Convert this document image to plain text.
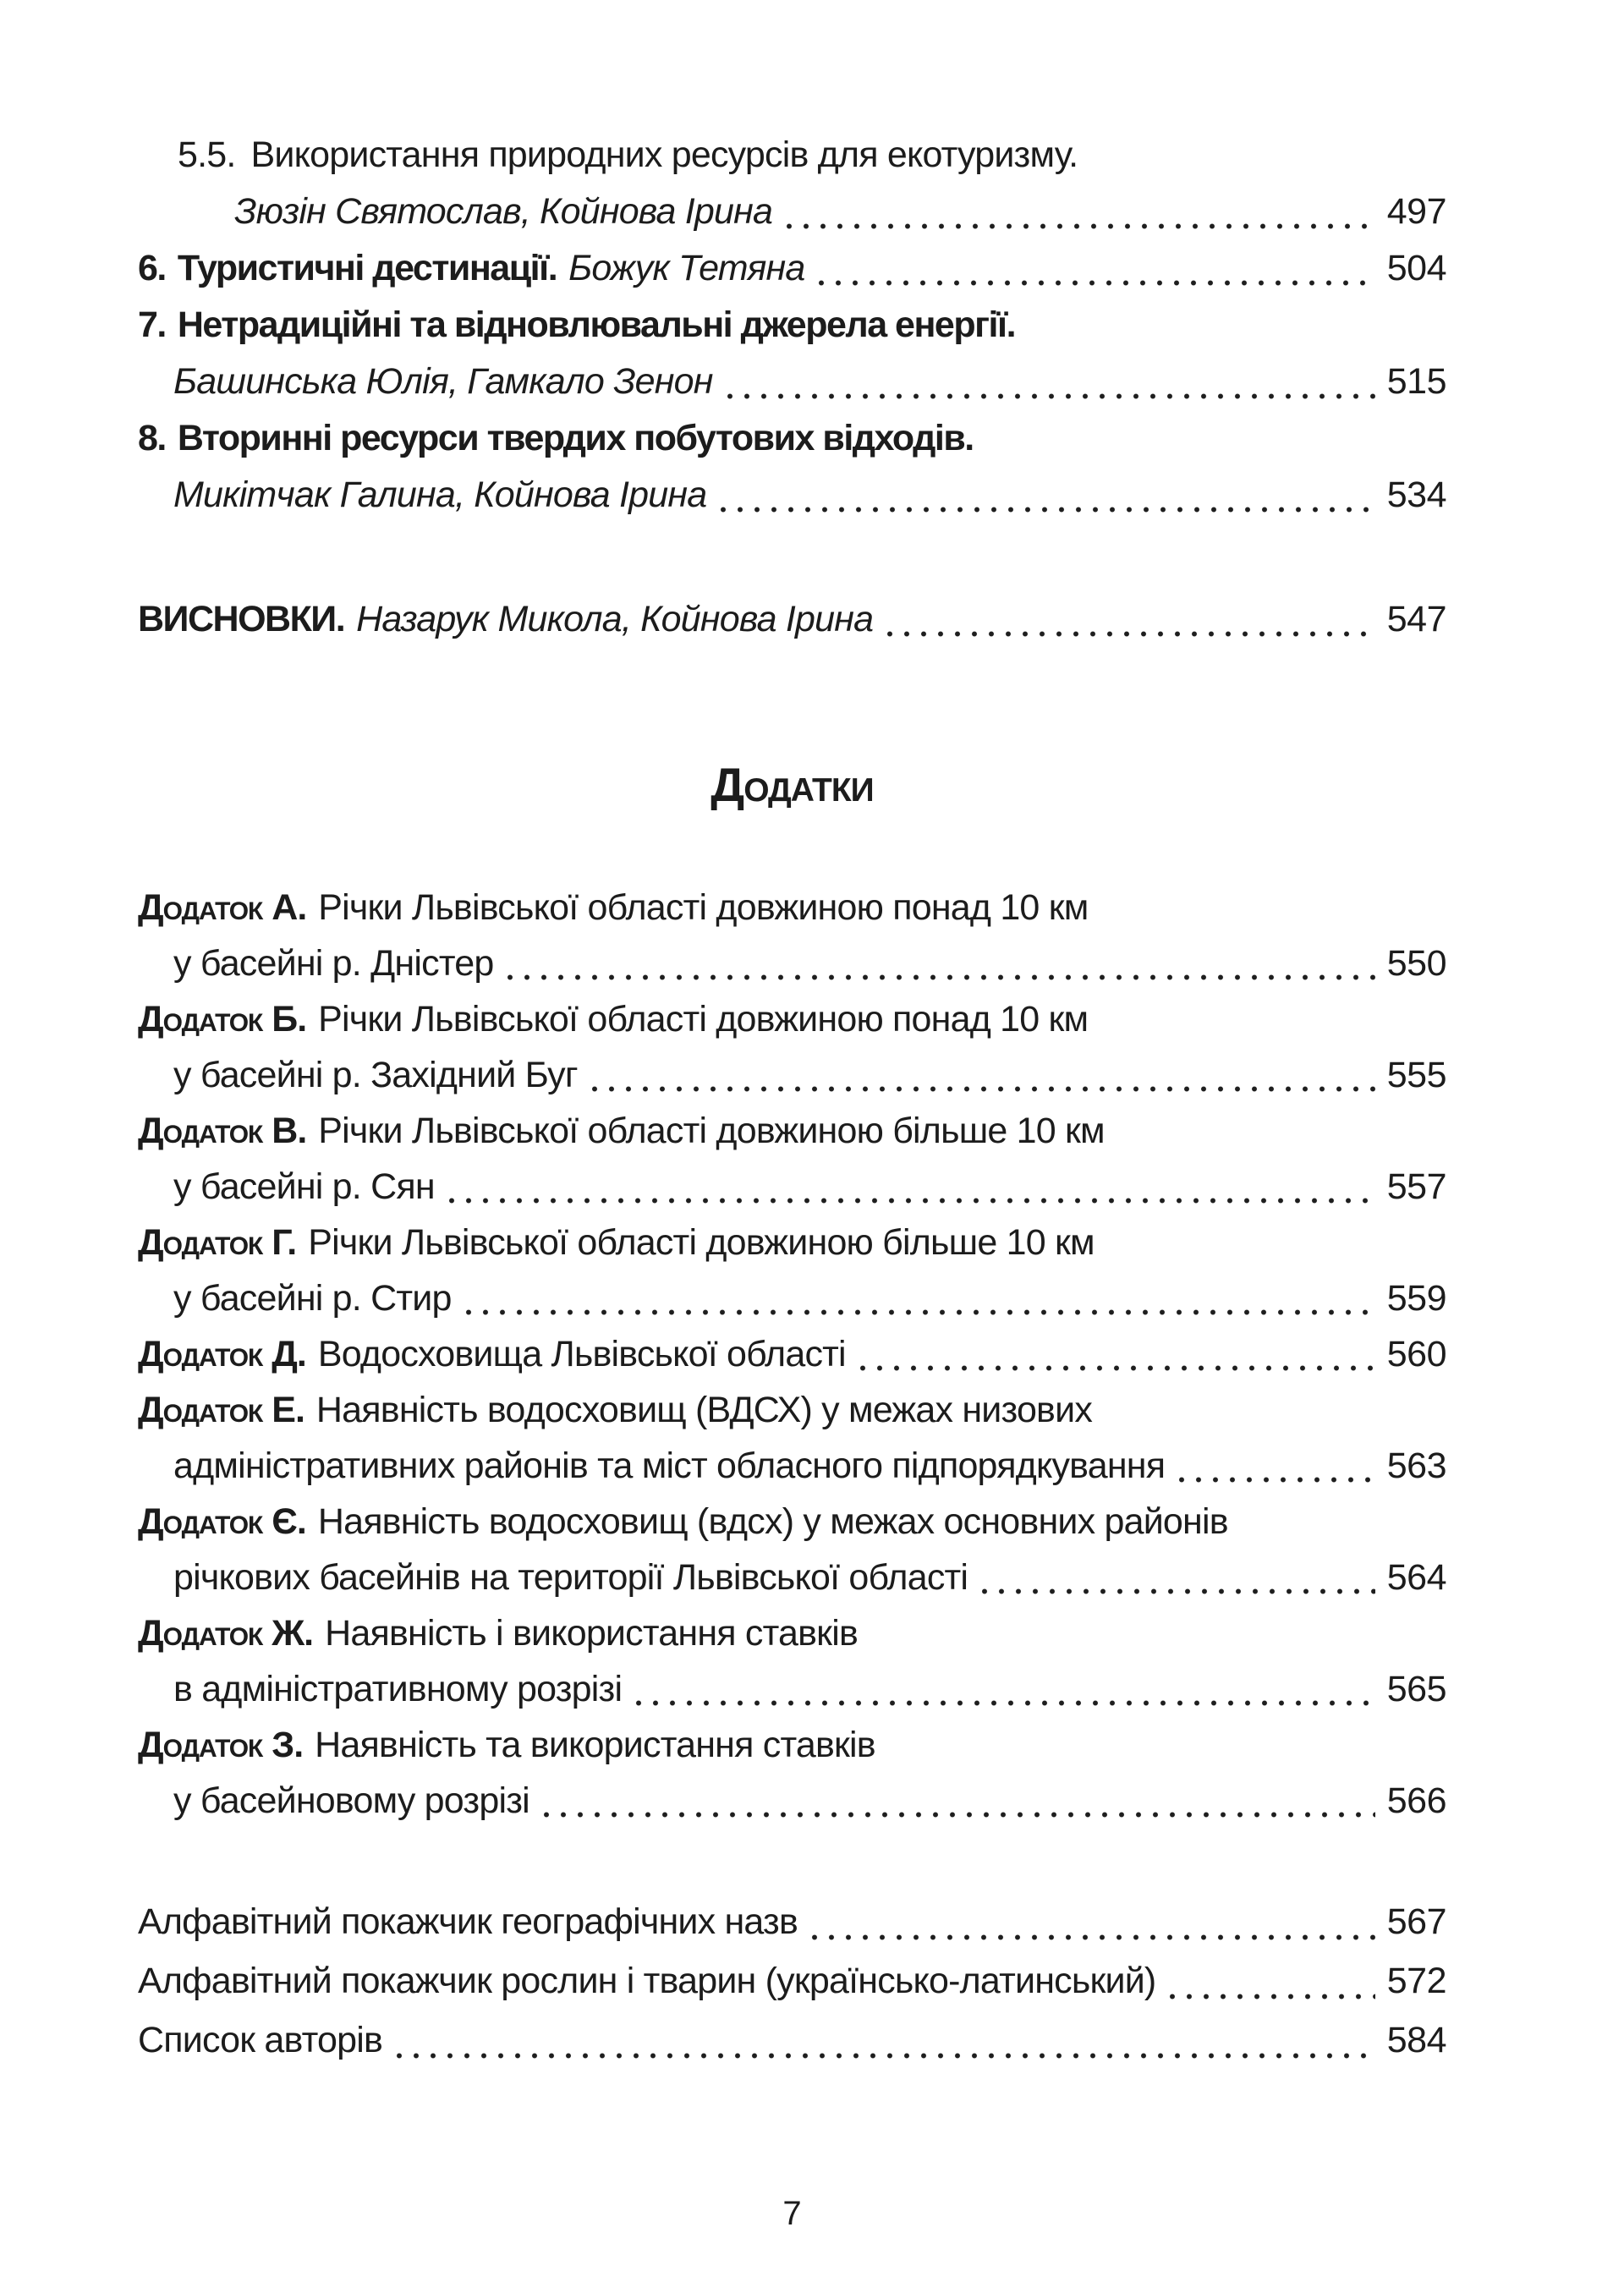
5.5. Використання природних ресурсів для екотуризму.
Зюзін Святослав, Койнова Ірина	497
6. Туристичні дестинації. Божук Тетяна	504
7. Нетрадиційні та відновлювальні джерела енергії.
Башинська Юлія, Гамкало Зенон	515
8. Вторинні ресурси твердих побутових відходів.
Микітчак Галина, Койнова Ірина	534
ВИСНОВКИ. Назарук Микола, Койнова Ірина	547
Додатки
Додаток А. Річки Львівської області довжиною понад 10 км
у басейні р. Дністер	550
Додаток Б. Річки Львівської області довжиною понад 10 км
у басейні р. Західний Буг	555
Додаток В. Річки Львівської області довжиною більше 10 км
у басейні р. Сян	557
Додаток Г. Річки Львівської області довжиною більше 10 км
у басейні р. Стир	559
Додаток Д. Водосховища Львівської області	560
Додаток Е. Наявність водосховищ (ВДСХ) у межах низових
адміністративних районів та міст обласного підпорядкування	563
Додаток Є. Наявність водосховищ (вдсх) у межах основних районів
річкових басейнів на території Львівської області	564
Додаток Ж. Наявність і використання ставків
в адміністративному розрізі	565
Додаток З. Наявність та використання ставків
у басейновому розрізі	566
Алфавітний покажчик географічних назв	567
Алфавітний покажчик рослин і тварин (українсько-латинський)	572
Список авторів	584
7
